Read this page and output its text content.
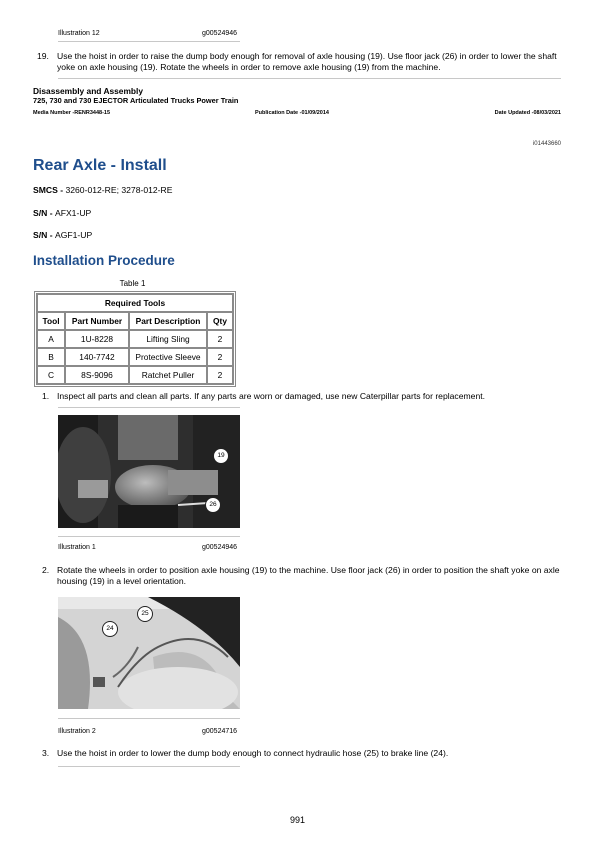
Illustration 12	g00524946
19. Use the hoist in order to raise the dump body enough for removal of axle housing (19). Use floor jack (26) in order to lower the shaft yoke on axle housing (19). Rotate the wheels in order to remove axle housing (19) from the machine.
Disassembly and Assembly
725, 730 and 730 EJECTOR Articulated Trucks Power Train
Media Number -RENR3448-15	Publication Date -01/09/2014	Date Updated -08/03/2021
i01443660
Rear Axle - Install
SMCS - 3260-012-RE; 3278-012-RE
S/N - AFX1-UP
S/N - AGF1-UP
Installation Procedure
Table 1
Required Tools			
Tool	Part Number	Part Description	Qty
A	1U-8228	Lifting Sling	2
B	140-7742	Protective Sleeve	2
C	8S-9096	Ratchet Puller	2
1. Inspect all parts and clean all parts. If any parts are worn or damaged, use new Caterpillar parts for replacement.
19
26
Illustration 1	g00524946
2. Rotate the wheels in order to position axle housing (19) to the machine. Use floor jack (26) in order to position the shaft yoke on axle housing (19) in a level orientation.
25
24
Illustration 2	g00524716
3. Use the hoist in order to lower the dump body enough to connect hydraulic hose (25) to brake line (24).
991
